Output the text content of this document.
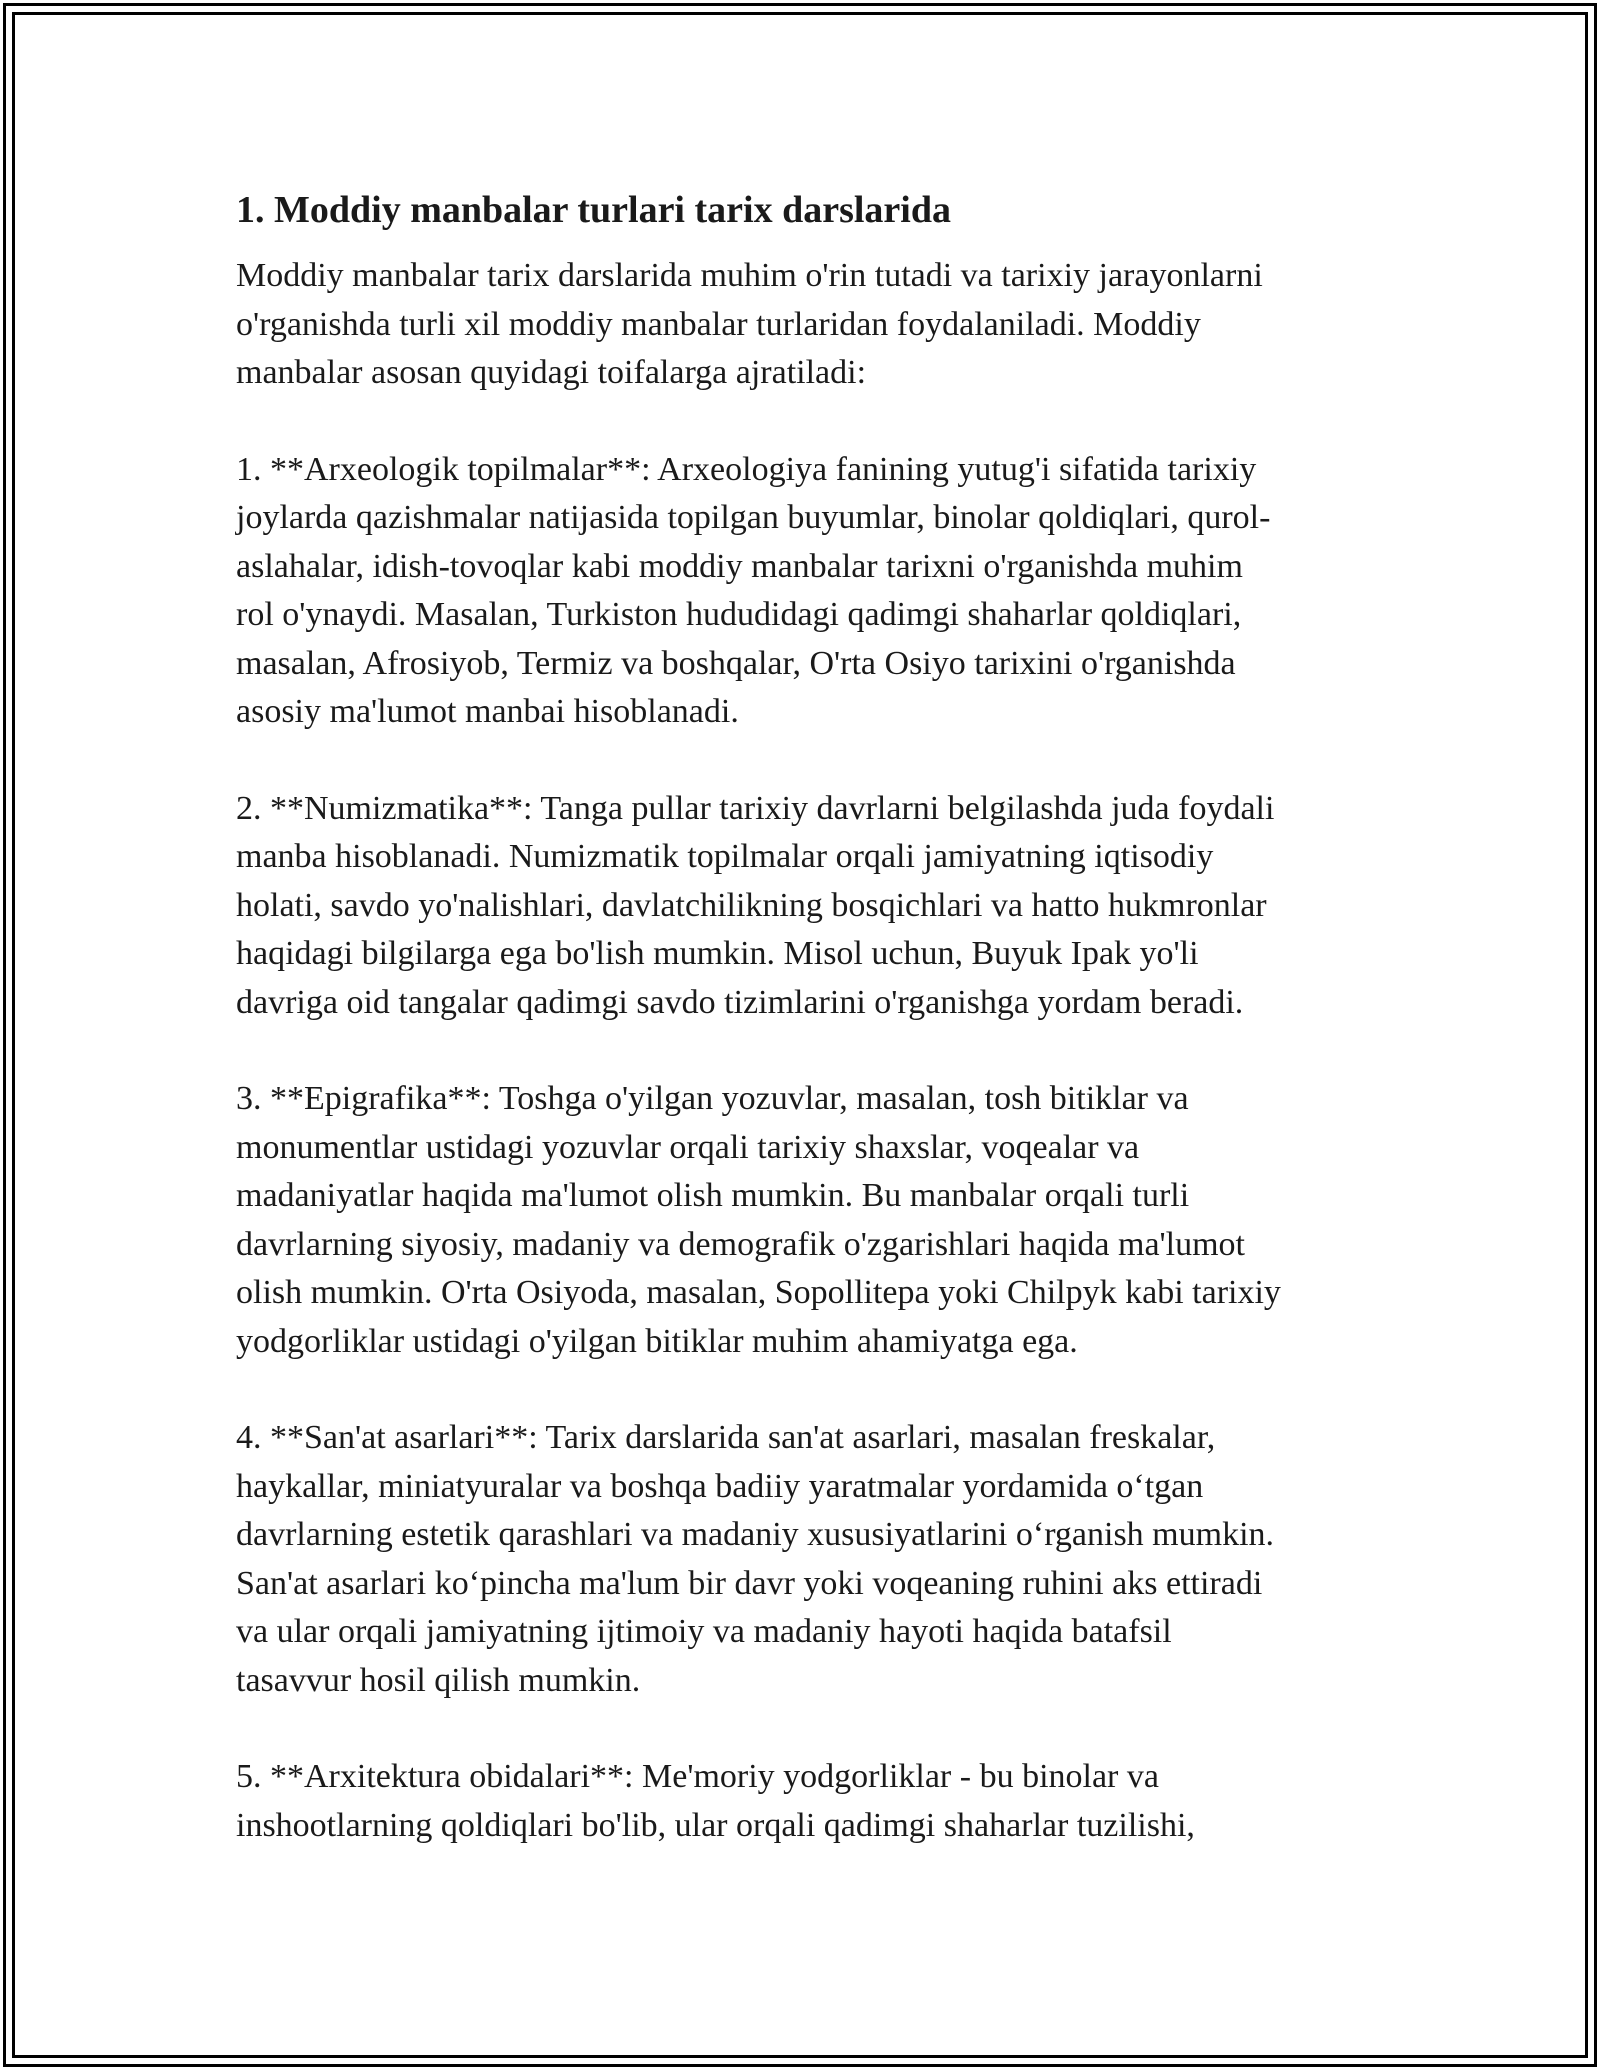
1. Moddiy manbalar turlari tarix darslarida

Moddiy manbalar tarix darslarida muhim o'rin tutadi va tarixiy jarayonlarni
o'rganishda turli xil moddiy manbalar turlaridan foydalaniladi. Moddiy
manbalar asosan quyidagi toifalarga ajratiladi:

1. **Arxeologik topilmalar**: Arxeologiya fanining yutug'i sifatida tarixiy
joylarda qazishmalar natijasida topilgan buyumlar, binolar qoldiqlari, qurol-
aslahalar, idish-tovoqlar kabi moddiy manbalar tarixni o'rganishda muhim
rol o'ynaydi. Masalan, Turkiston hududidagi qadimgi shaharlar qoldiqlari,
masalan, Afrosiyob, Termiz va boshqalar, O'rta Osiyo tarixini o'rganishda
asosiy ma'lumot manbai hisoblanadi.

2. **Numizmatika**: Tanga pullar tarixiy davrlarni belgilashda juda foydali
manba hisoblanadi. Numizmatik topilmalar orqali jamiyatning iqtisodiy
holati, savdo yo'nalishlari, davlatchilikning bosqichlari va hatto hukmronlar
haqidagi bilgilarga ega bo'lish mumkin. Misol uchun, Buyuk Ipak yo'li
davriga oid tangalar qadimgi savdo tizimlarini o'rganishga yordam beradi.

3. **Epigrafika**: Toshga o'yilgan yozuvlar, masalan, tosh bitiklar va
monumentlar ustidagi yozuvlar orqali tarixiy shaxslar, voqealar va
madaniyatlar haqida ma'lumot olish mumkin. Bu manbalar orqali turli
davrlarning siyosiy, madaniy va demografik o'zgarishlari haqida ma'lumot
olish mumkin. O'rta Osiyoda, masalan, Sopollitepa yoki Chilpyk kabi tarixiy
yodgorliklar ustidagi o'yilgan bitiklar muhim ahamiyatga ega.

4. **San'at asarlari**: Tarix darslarida san'at asarlari, masalan freskalar,
haykallar, miniatyuralar va boshqa badiiy yaratmalar yordamida o‘tgan
davrlarning estetik qarashlari va madaniy xususiyatlarini o‘rganish mumkin.
San'at asarlari ko‘pincha ma'lum bir davr yoki voqeaning ruhini aks ettiradi
va ular orqali jamiyatning ijtimoiy va madaniy hayoti haqida batafsil
tasavvur hosil qilish mumkin.

5. **Arxitektura obidalari**: Me'moriy yodgorliklar - bu binolar va
inshootlarning qoldiqlari bo'lib, ular orqali qadimgi shaharlar tuzilishi,
